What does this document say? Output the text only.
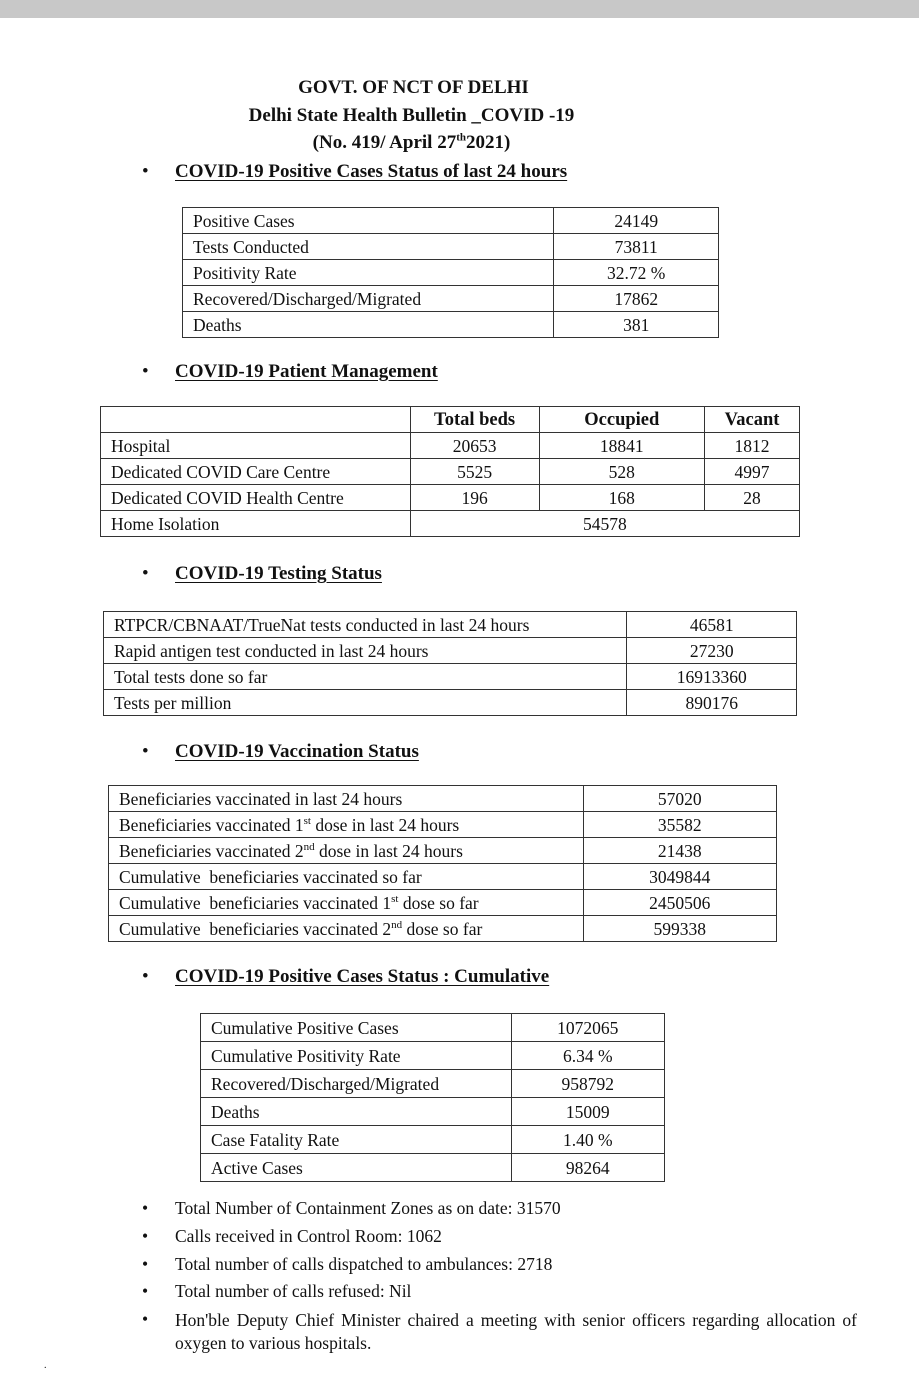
GOVT. OF NCT OF DELHI
Delhi State Health Bulletin _COVID -19
(No. 419/ April 27th2021)
• COVID-19 Positive Cases Status of last 24 hours
Positive Cases	24149
Tests Conducted	73811
Positivity Rate	32.72 %
Recovered/Discharged/Migrated	17862
Deaths	381
• COVID-19 Patient Management
	Total beds	Occupied	Vacant
Hospital	20653	18841	1812
Dedicated COVID Care Centre	5525	528	4997
Dedicated COVID Health Centre	196	168	28
Home Isolation	54578		
• COVID-19 Testing Status
RTPCR/CBNAAT/TrueNat tests conducted in last 24 hours	46581
Rapid antigen test conducted in last 24 hours	27230
Total tests done so far	16913360
Tests per million	890176
• COVID-19 Vaccination Status
Beneficiaries vaccinated in last 24 hours	57020
Beneficiaries vaccinated 1st dose in last 24 hours	35582
Beneficiaries vaccinated 2nd dose in last 24 hours	21438
Cumulative  beneficiaries vaccinated so far	3049844
Cumulative  beneficiaries vaccinated 1st dose so far	2450506
Cumulative  beneficiaries vaccinated 2nd dose so far	599338
• COVID-19 Positive Cases Status : Cumulative
Cumulative Positive Cases	1072065
Cumulative Positivity Rate	6.34 %
Recovered/Discharged/Migrated	958792
Deaths	15009
Case Fatality Rate	1.40 %
Active Cases	98264
• Total Number of Containment Zones as on date: 31570
• Calls received in Control Room: 1062
• Total number of calls dispatched to ambulances: 2718
• Total number of calls refused: Nil
• Hon'ble Deputy Chief Minister chaired a meeting with senior officers regarding allocation of oxygen to various hospitals.
.
